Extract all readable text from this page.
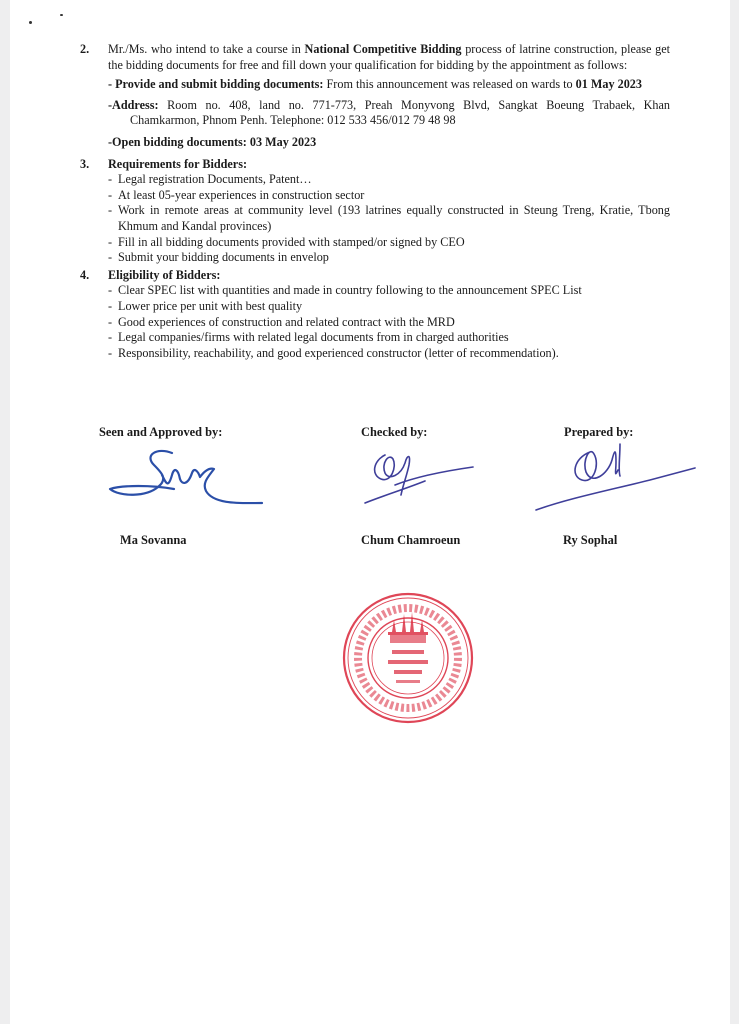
2. Mr./Ms. who intend to take a course in National Competitive Bidding process of latrine construction, please get the bidding documents for free and fill down your qualification for bidding by the appointment as follows:
- Provide and submit bidding documents: From this announcement was released on wards to 01 May 2023
-Address: Room no. 408, land no. 771-773, Preah Monyvong Blvd, Sangkat Boeung Trabaek, Khan Chamkarmon, Phnom Penh. Telephone: 012 533 456/012 79 48 98
-Open bidding documents: 03 May 2023
3. Requirements for Bidders:
- Legal registration Documents, Patent…
- At least 05-year experiences in construction sector
- Work in remote areas at community level (193 latrines equally constructed in Steung Treng, Kratie, Tbong Khmum and Kandal provinces)
- Fill in all bidding documents provided with stamped/or signed by CEO
- Submit your bidding documents in envelop
4. Eligibility of Bidders:
- Clear SPEC list with quantities and made in country following to the announcement SPEC List
- Lower price per unit with best quality
- Good experiences of construction and related contract with the MRD
- Legal companies/firms with related legal documents from in charged authorities
- Responsibility, reachability, and good experienced constructor (letter of recommendation).
Seen and Approved by:	Checked by:	Prepared by:
Ma Sovanna	Chum Chamroeun	Ry Sophal
